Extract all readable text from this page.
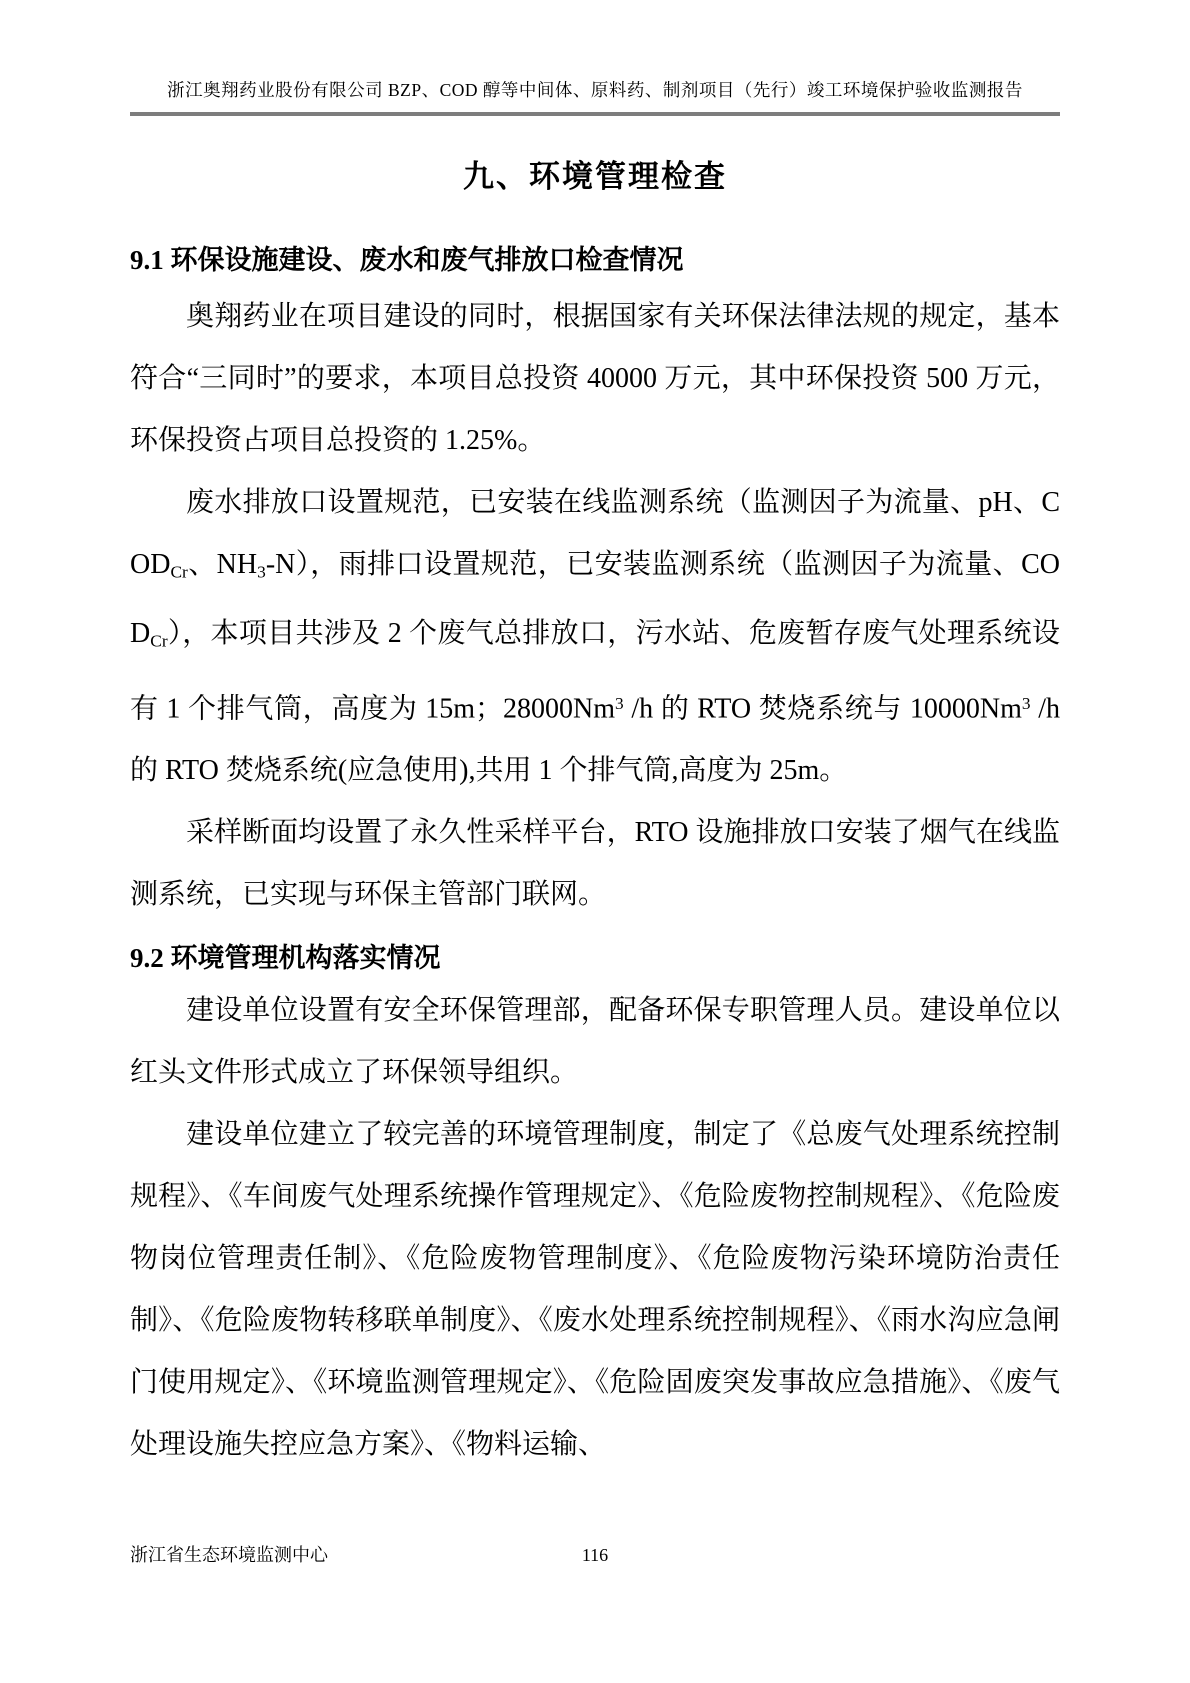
浙江奥翔药业股份有限公司 BZP、COD 醇等中间体、原料药、制剂项目（先行）竣工环境保护验收监测报告
九、环境管理检查
9.1 环保设施建设、废水和废气排放口检查情况

奥翔药业在项目建设的同时，根据国家有关环保法律法规的规定，基本符合“三同时”的要求，本项目总投资 40000 万元，其中环保投资 500 万元，环保投资占项目总投资的 1.25%。

废水排放口设置规范，已安装在线监测系统（监测因子为流量、pH、$COD_{Cr}$、$NH_3-N$），雨排口设置规范，已安装监测系统（监测因子为流量、$COD_{Cr}$），本项目共涉及 2 个废气总排放口，污水站、危废暂存废气处理系统设有 1 个排气筒，高度为 15m；28000Nm$^3$ /h 的 RTO 焚烧系统与 10000Nm$^3$ /h 的 RTO 焚烧系统(应急使用),共用 1 个排气筒,高度为 25m。

采样断面均设置了永久性采样平台，RTO 设施排放口安装了烟气在线监测系统，已实现与环保主管部门联网。

9.2 环境管理机构落实情况

建设单位设置有安全环保管理部，配备环保专职管理人员。建设单位以红头文件形式成立了环保领导组织。

建设单位建立了较完善的环境管理制度，制定了《总废气处理系统控制规程》、《车间废气处理系统操作管理规定》、《危险废物控制规程》、《危险废物岗位管理责任制》、《危险废物管理制度》、《危险废物污染环境防治责任制》、《危险废物转移联单制度》、《废水处理系统控制规程》、《雨水沟应急闸门使用规定》、《环境监测管理规定》、《危险固废突发事故应急措施》、《废气处理设施失控应急方案》、《物料运输、

浙江省生态环境监测中心	116
